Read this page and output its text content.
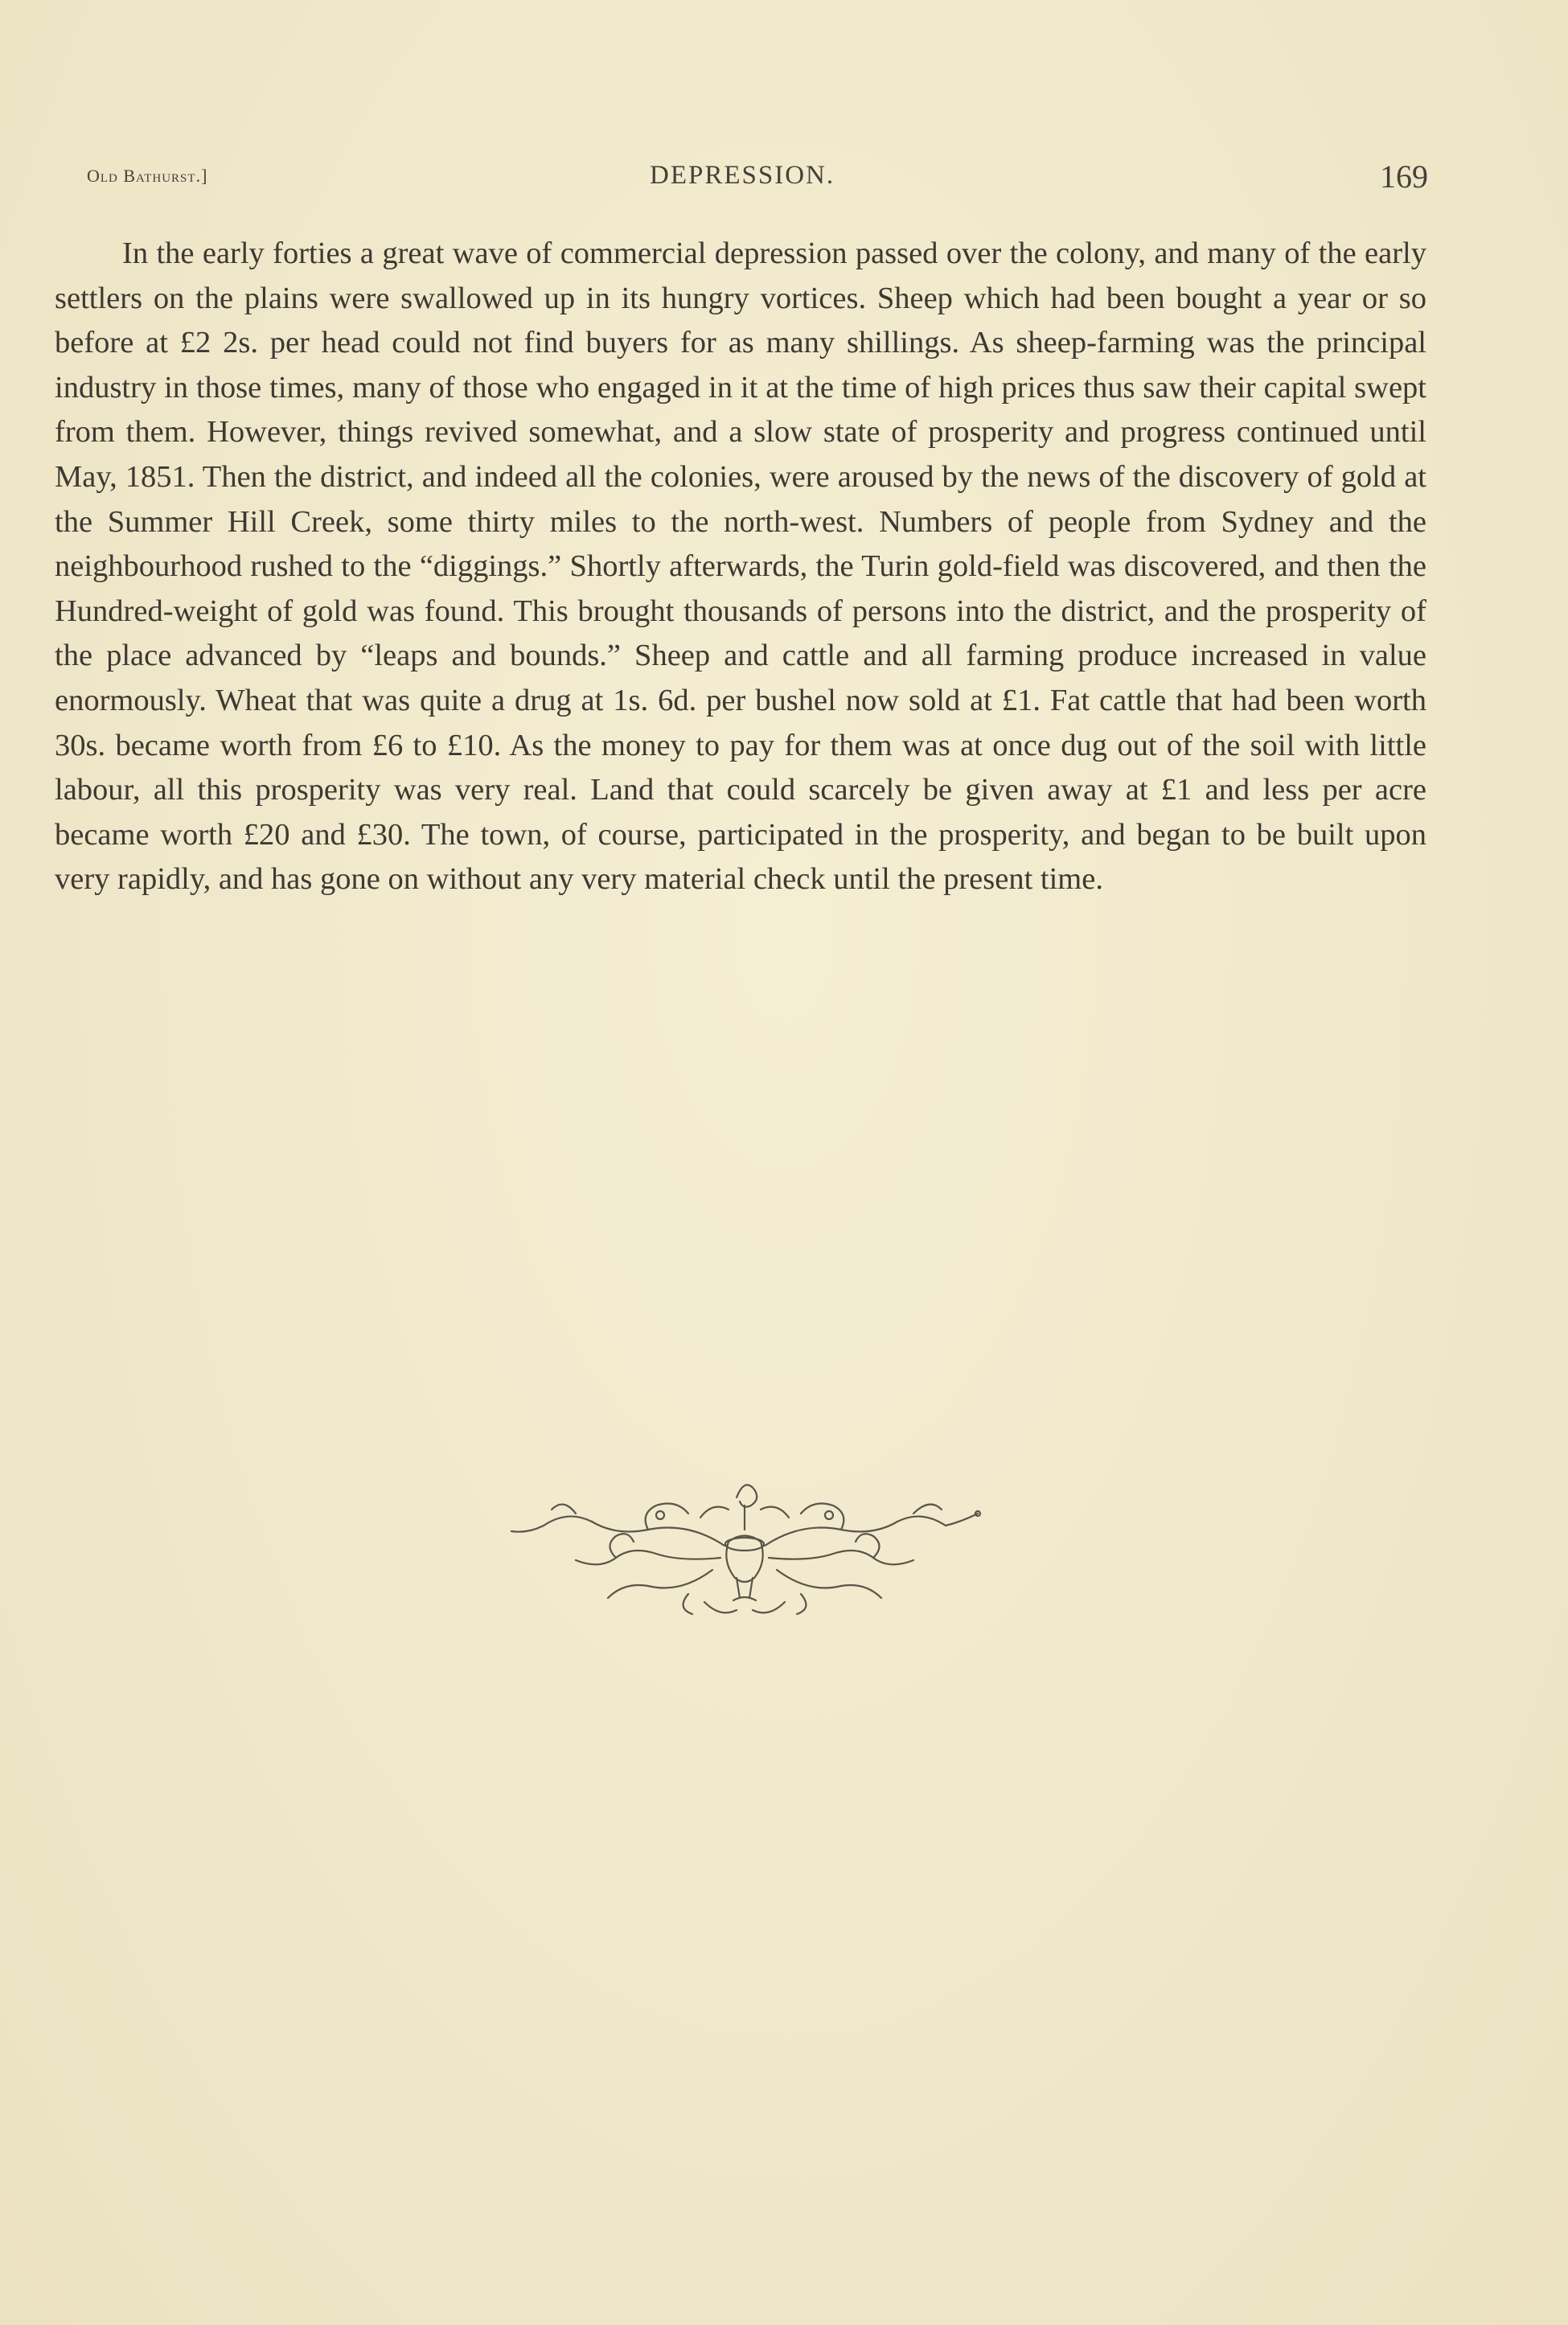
Old Bathurst.]	DEPRESSION.	169

In the early forties a great wave of commercial depression passed over the colony, and many of the early settlers on the plains were swallowed up in its hungry vortices. Sheep which had been bought a year or so before at £2 2s. per head could not find buyers for as many shillings. As sheep-farming was the principal industry in those times, many of those who engaged in it at the time of high prices thus saw their capital swept from them. However, things revived somewhat, and a slow state of prosperity and progress continued until May, 1851. Then the district, and indeed all the colonies, were aroused by the news of the discovery of gold at the Summer Hill Creek, some thirty miles to the north-west. Numbers of people from Sydney and the neighbourhood rushed to the “diggings.” Shortly afterwards, the Turin gold-field was discovered, and then the Hundred-weight of gold was found. This brought thousands of persons into the district, and the prosperity of the place advanced by “leaps and bounds.” Sheep and cattle and all farming produce increased in value enormously. Wheat that was quite a drug at 1s. 6d. per bushel now sold at £1. Fat cattle that had been worth 30s. became worth from £6 to £10. As the money to pay for them was at once dug out of the soil with little labour, all this prosperity was very real. Land that could scarcely be given away at £1 and less per acre became worth £20 and £30. The town, of course, participated in the prosperity, and began to be built upon very rapidly, and has gone on without any very material check until the present time.
